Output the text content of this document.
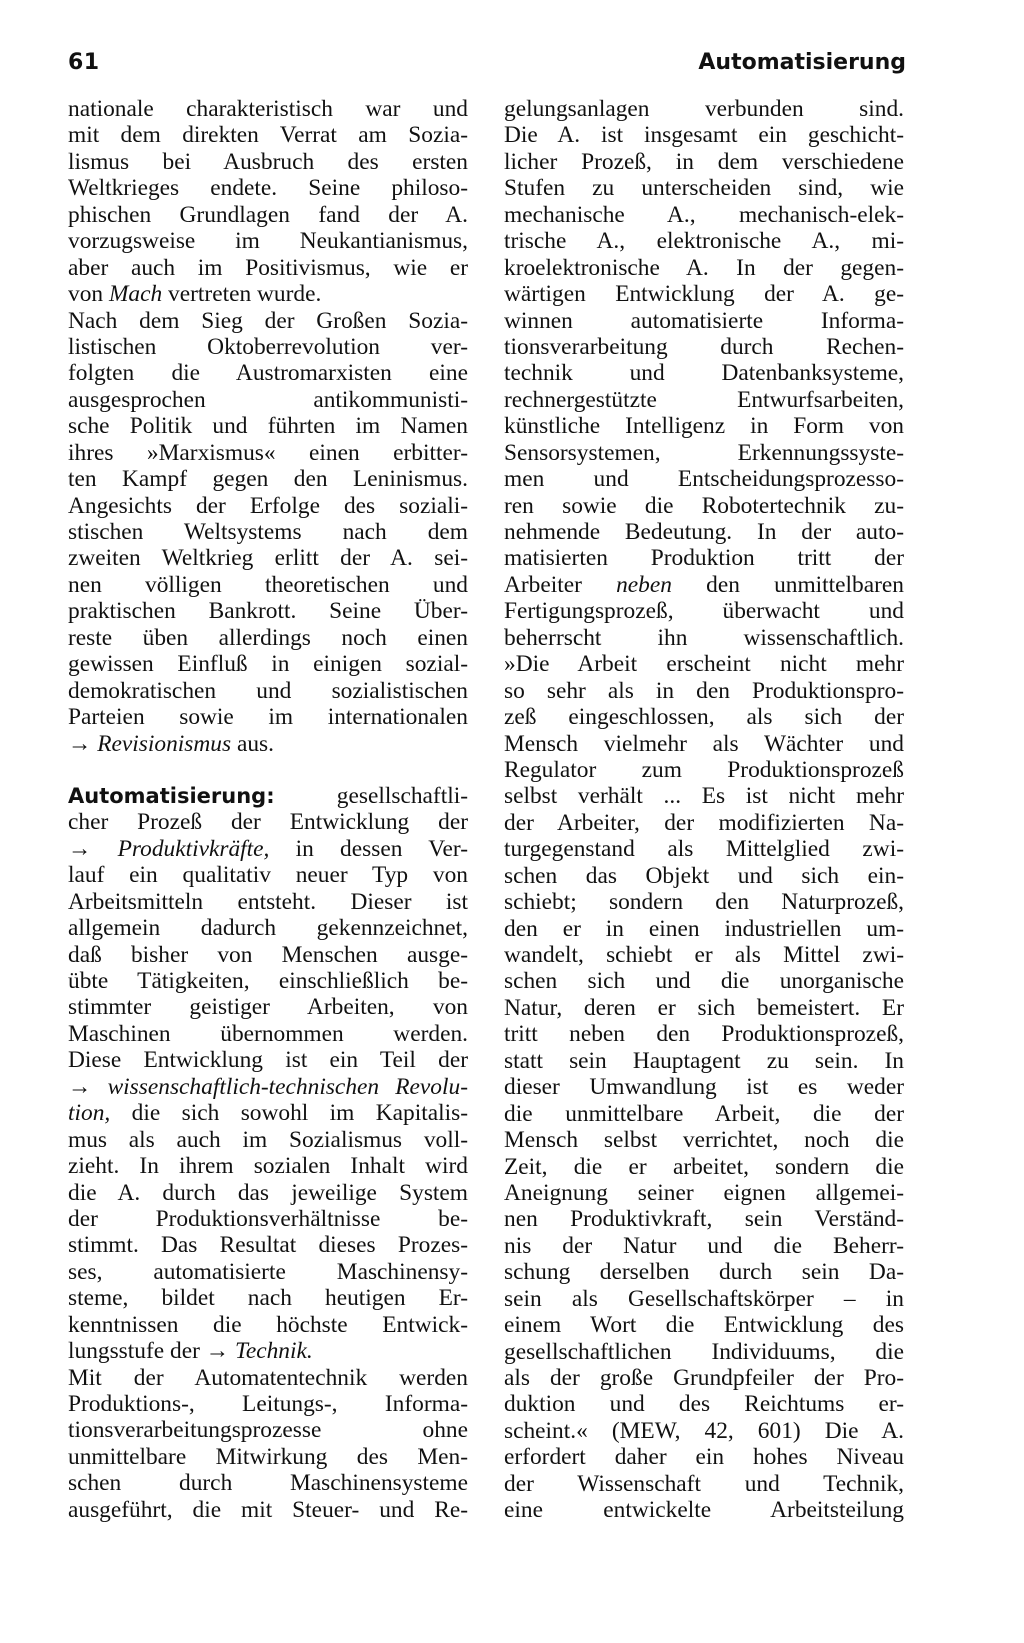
61	Automatisierung
nationale charakteristisch war und
mit dem direkten Verrat am Sozia-
lismus bei Ausbruch des ersten
Weltkrieges endete. Seine philoso-
phischen Grundlagen fand der A.
vorzugsweise im Neukantianismus,
aber auch im Positivismus, wie er
von Mach vertreten wurde.
Nach dem Sieg der Großen Sozia-
listischen Oktoberrevolution ver-
folgten die Austromarxisten eine
ausgesprochen antikommunisti-
sche Politik und führten im Namen
ihres »Marxismus« einen erbitter-
ten Kampf gegen den Leninismus.
Angesichts der Erfolge des soziali-
stischen Weltsystems nach dem
zweiten Weltkrieg erlitt der A. sei-
nen völligen theoretischen und
praktischen Bankrott. Seine Über-
reste üben allerdings noch einen
gewissen Einfluß in einigen sozial-
demokratischen und sozialistischen
Parteien sowie im internationalen
→ Revisionismus aus.
Automatisierung: gesellschaftli-
cher Prozeß der Entwicklung der
→ Produktivkräfte, in dessen Ver-
lauf ein qualitativ neuer Typ von
Arbeitsmitteln entsteht. Dieser ist
allgemein dadurch gekennzeichnet,
daß bisher von Menschen ausge-
übte Tätigkeiten, einschließlich be-
stimmter geistiger Arbeiten, von
Maschinen übernommen werden.
Diese Entwicklung ist ein Teil der
→ wissenschaftlich-technischen Revolu-
tion, die sich sowohl im Kapitalis-
mus als auch im Sozialismus voll-
zieht. In ihrem sozialen Inhalt wird
die A. durch das jeweilige System
der Produktionsverhältnisse be-
stimmt. Das Resultat dieses Prozes-
ses, automatisierte Maschinensy-
steme, bildet nach heutigen Er-
kenntnissen die höchste Entwick-
lungsstufe der → Technik.
Mit der Automatentechnik werden
Produktions-, Leitungs-, Informa-
tionsverarbeitungsprozesse ohne
unmittelbare Mitwirkung des Men-
schen durch Maschinensysteme
ausgeführt, die mit Steuer- und Re-
gelungsanlagen verbunden sind.
Die A. ist insgesamt ein geschicht-
licher Prozeß, in dem verschiedene
Stufen zu unterscheiden sind, wie
mechanische A., mechanisch-elek-
trische A., elektronische A., mi-
kroelektronische A. In der gegen-
wärtigen Entwicklung der A. ge-
winnen automatisierte Informa-
tionsverarbeitung durch Rechen-
technik und Datenbanksysteme,
rechnergestützte Entwurfsarbeiten,
künstliche Intelligenz in Form von
Sensorsystemen, Erkennungssyste-
men und Entscheidungsprozesso-
ren sowie die Robotertechnik zu-
nehmende Bedeutung. In der auto-
matisierten Produktion tritt der
Arbeiter neben den unmittelbaren
Fertigungsprozeß, überwacht und
beherrscht ihn wissenschaftlich.
»Die Arbeit erscheint nicht mehr
so sehr als in den Produktionspro-
zeß eingeschlossen, als sich der
Mensch vielmehr als Wächter und
Regulator zum Produktionsprozeß
selbst verhält ... Es ist nicht mehr
der Arbeiter, der modifizierten Na-
turgegenstand als Mittelglied zwi-
schen das Objekt und sich ein-
schiebt; sondern den Naturprozeß,
den er in einen industriellen um-
wandelt, schiebt er als Mittel zwi-
schen sich und die unorganische
Natur, deren er sich bemeistert. Er
tritt neben den Produktionsprozeß,
statt sein Hauptagent zu sein. In
dieser Umwandlung ist es weder
die unmittelbare Arbeit, die der
Mensch selbst verrichtet, noch die
Zeit, die er arbeitet, sondern die
Aneignung seiner eignen allgemei-
nen Produktivkraft, sein Verständ-
nis der Natur und die Beherr-
schung derselben durch sein Da-
sein als Gesellschaftskörper – in
einem Wort die Entwicklung des
gesellschaftlichen Individuums, die
als der große Grundpfeiler der Pro-
duktion und des Reichtums er-
scheint.« (MEW, 42, 601) Die A.
erfordert daher ein hohes Niveau
der Wissenschaft und Technik,
eine entwickelte Arbeitsteilung
